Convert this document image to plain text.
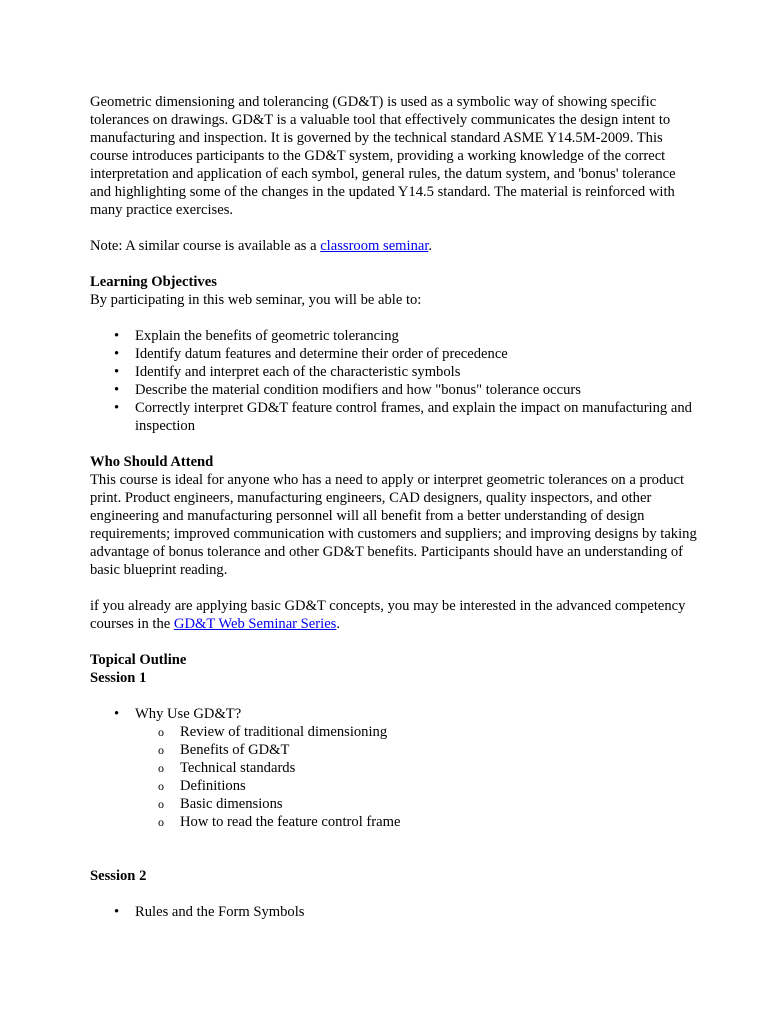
Geometric dimensioning and tolerancing (GD&T) is used as a symbolic way of showing specific tolerances on drawings. GD&T is a valuable tool that effectively communicates the design intent to manufacturing and inspection. It is governed by the technical standard ASME Y14.5M-2009. This course introduces participants to the GD&T system, providing a working knowledge of the correct interpretation and application of each symbol, general rules, the datum system, and 'bonus' tolerance and highlighting some of the changes in the updated Y14.5 standard. The material is reinforced with many practice exercises.

Note: A similar course is available as a classroom seminar.

Learning Objectives

By participating in this web seminar, you will be able to:

• Explain the benefits of geometric tolerancing
• Identify datum features and determine their order of precedence
• Identify and interpret each of the characteristic symbols
• Describe the material condition modifiers and how "bonus" tolerance occurs
• Correctly interpret GD&T feature control frames, and explain the impact on manufacturing and inspection
Who Should Attend

This course is ideal for anyone who has a need to apply or interpret geometric tolerances on a product print. Product engineers, manufacturing engineers, CAD designers, quality inspectors, and other engineering and manufacturing personnel will all benefit from a better understanding of design requirements; improved communication with customers and suppliers; and improving designs by taking advantage of bonus tolerance and other GD&T benefits. Participants should have an understanding of basic blueprint reading.

if you already are applying basic GD&T concepts, you may be interested in the advanced competency courses in the GD&T Web Seminar Series.

Topical Outline
Session 1
• Why Use GD&T?
o Review of traditional dimensioning
o Benefits of GD&T
o Technical standards
o Definitions
o Basic dimensions
o How to read the feature control frame
Session 2
• Rules and the Form Symbols
